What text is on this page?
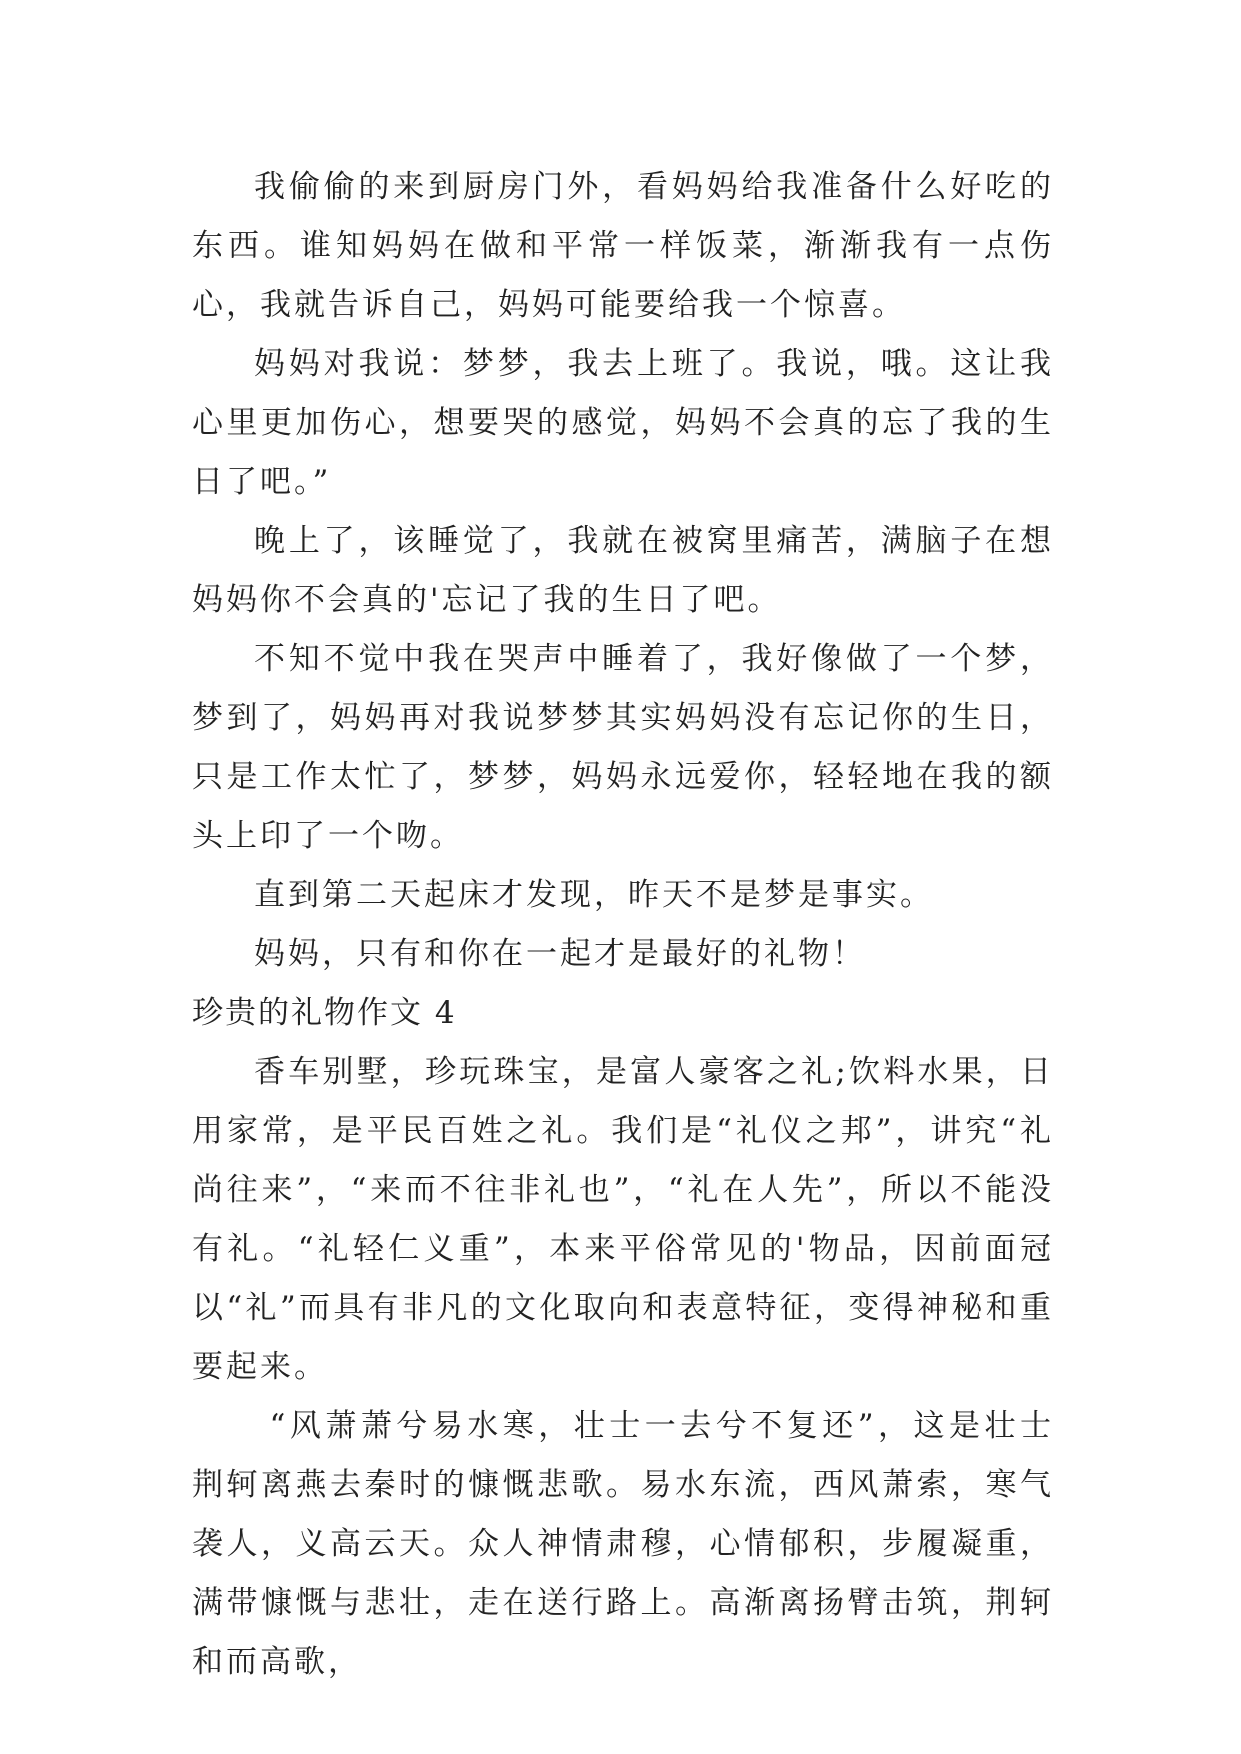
我偷偷的来到厨房门外，看妈妈给我准备什么好吃的东西。谁知妈妈在做和平常一样饭菜，渐渐我有一点伤心，我就告诉自己，妈妈可能要给我一个惊喜。

妈妈对我说：梦梦，我去上班了。我说，哦。这让我心里更加伤心，想要哭的感觉，妈妈不会真的忘了我的生日了吧。”

晚上了，该睡觉了，我就在被窝里痛苦，满脑子在想妈妈你不会真的'忘记了我的生日了吧。

不知不觉中我在哭声中睡着了，我好像做了一个梦，梦到了，妈妈再对我说梦梦其实妈妈没有忘记你的生日，只是工作太忙了，梦梦，妈妈永远爱你，轻轻地在我的额头上印了一个吻。

直到第二天起床才发现，昨天不是梦是事实。

妈妈，只有和你在一起才是最好的礼物！

珍贵的礼物作文 4

香车别墅，珍玩珠宝，是富人豪客之礼;饮料水果，日用家常，是平民百姓之礼。我们是“礼仪之邦”，讲究“礼尚往来”，“来而不往非礼也”，“礼在人先”，所以不能没有礼。“礼轻仁义重”，本来平俗常见的'物品，因前面冠以“礼”而具有非凡的文化取向和表意特征，变得神秘和重要起来。

“风萧萧兮易水寒，壮士一去兮不复还”，这是壮士荆轲离燕去秦时的慷慨悲歌。易水东流，西风萧索，寒气袭人，义高云天。众人神情肃穆，心情郁积，步履凝重，满带慷慨与悲壮，走在送行路上。高渐离扬臂击筑，荆轲和而高歌，
